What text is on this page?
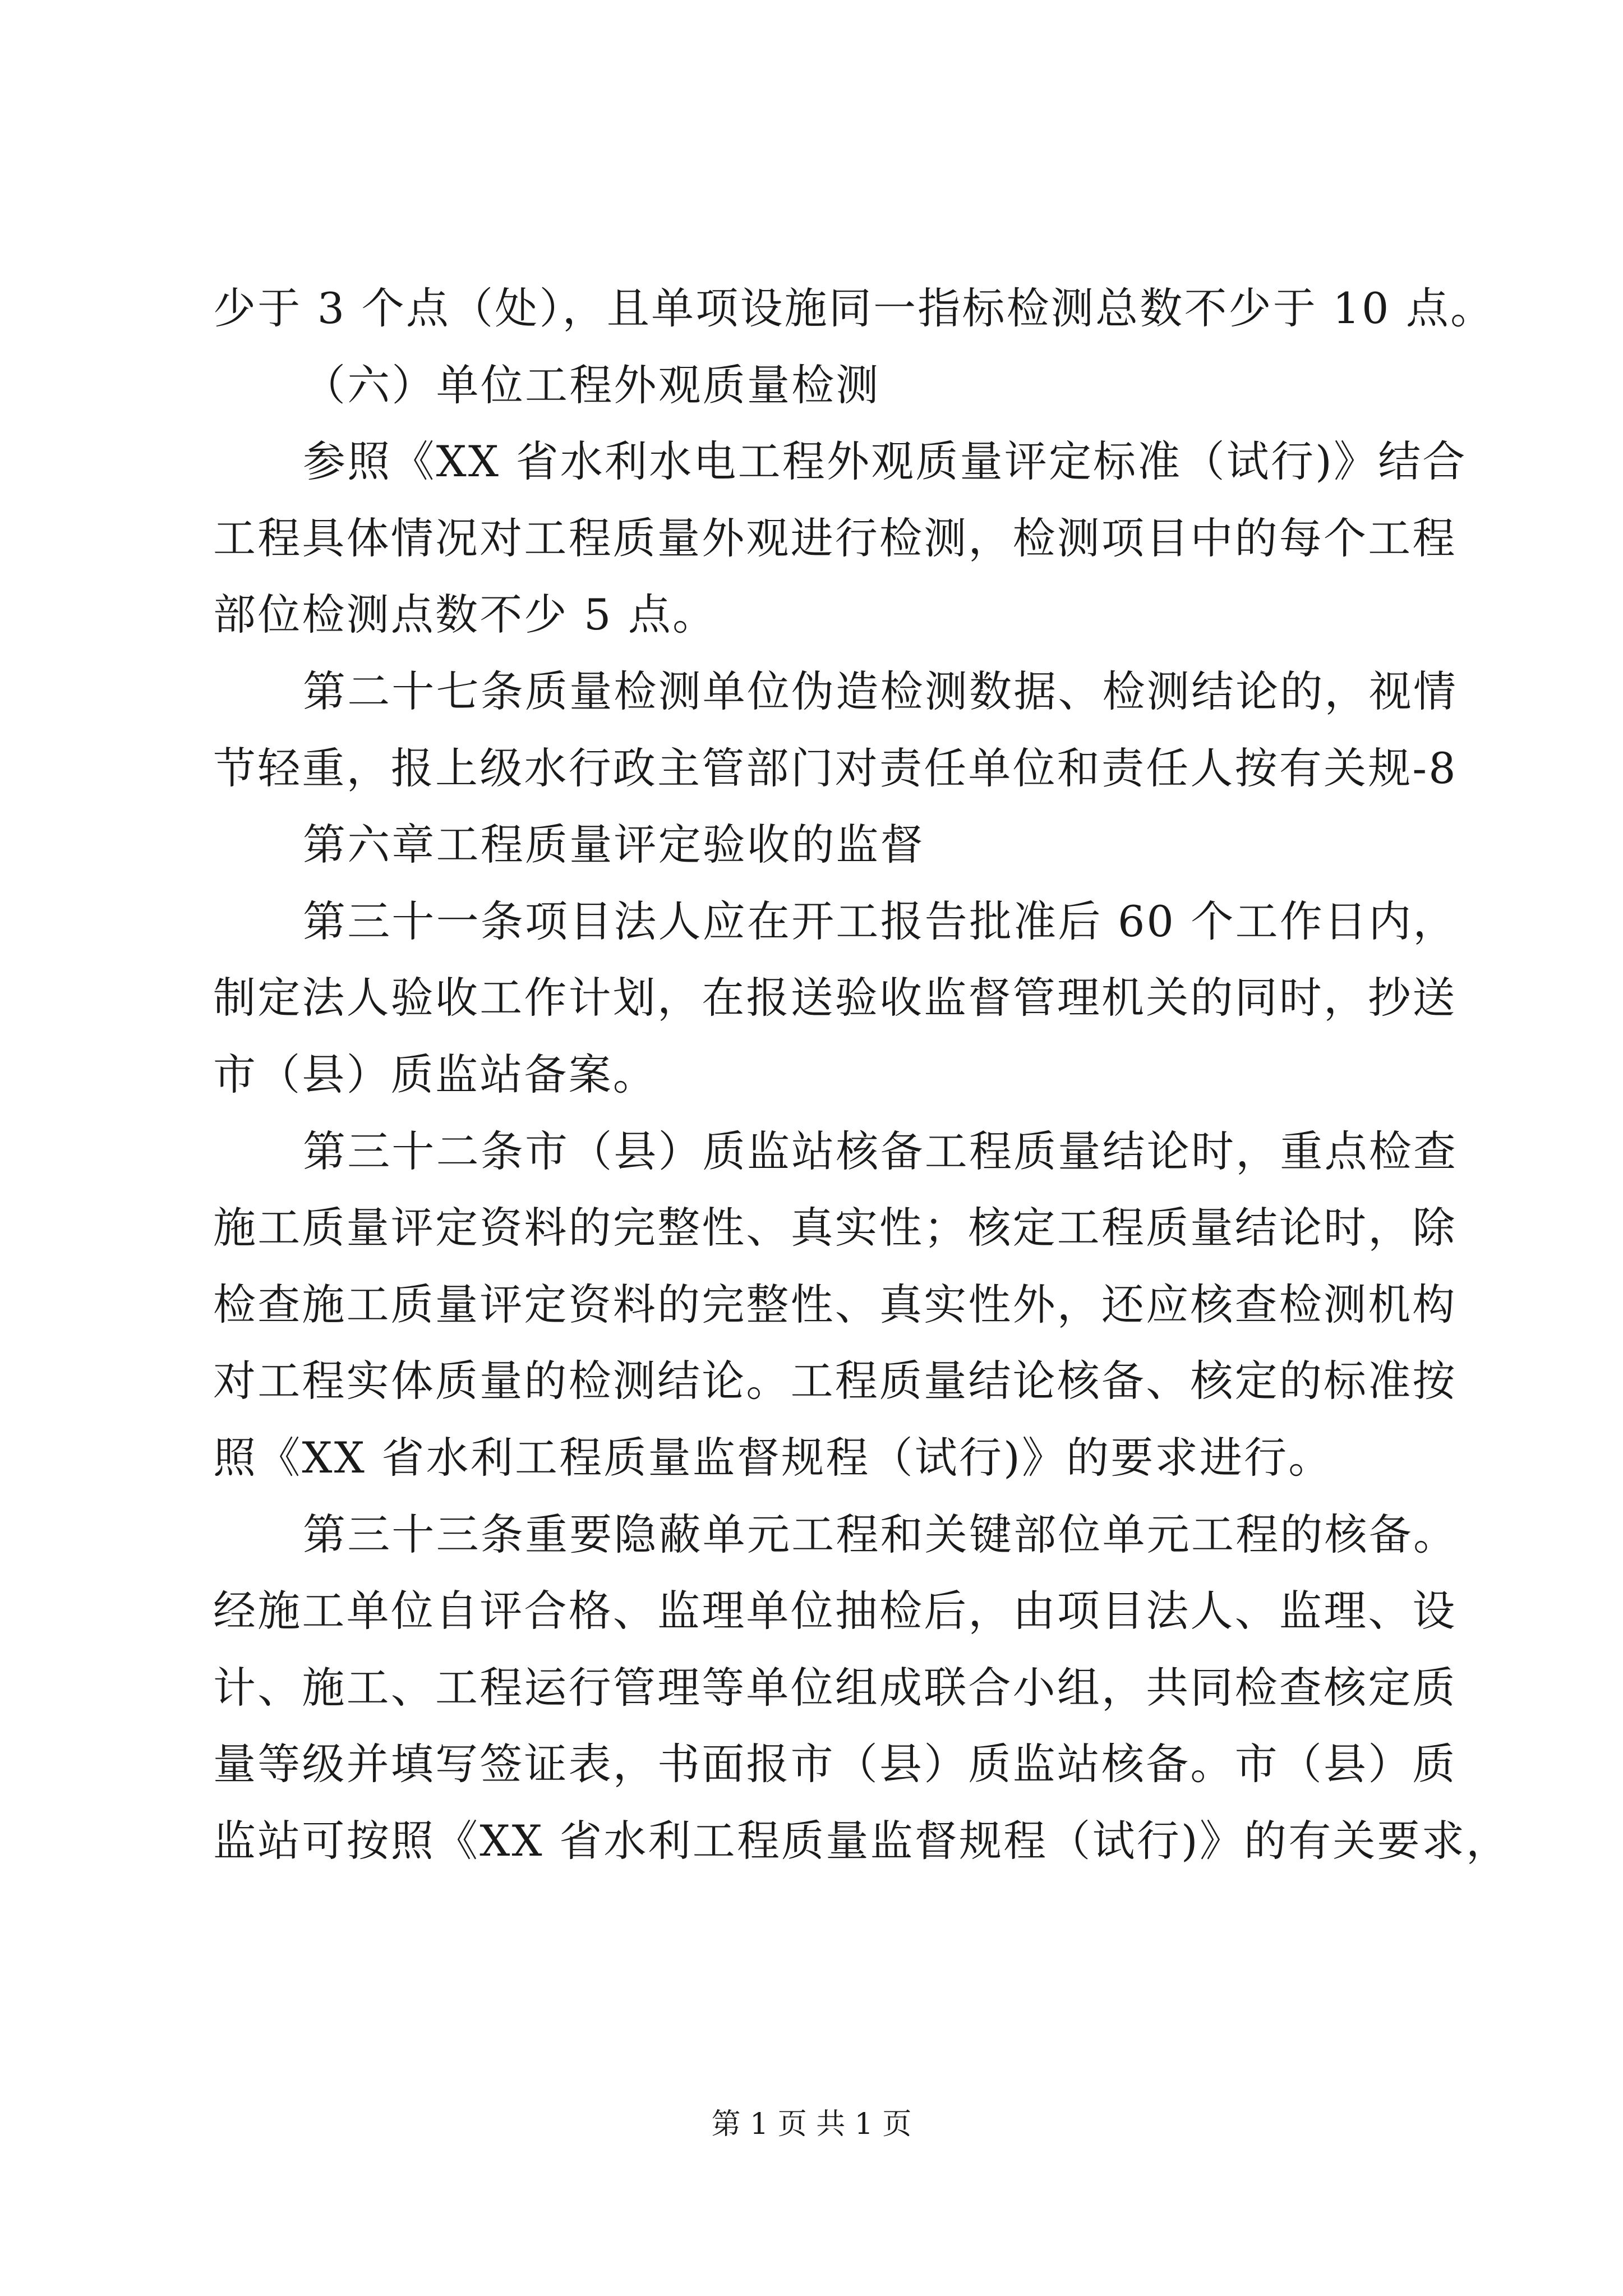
少于 3 个点（处），且单项设施同一指标检测总数不少于 10 点。
（六）单位工程外观质量检测
参照《XX 省水利水电工程外观质量评定标准（试行)》结合
工程具体情况对工程质量外观进行检测，检测项目中的每个工程
部位检测点数不少 5 点。
第二十七条质量检测单位伪造检测数据、检测结论的，视情
节轻重，报上级水行政主管部门对责任单位和责任人按有关规-8
第六章工程质量评定验收的监督
第三十一条项目法人应在开工报告批准后 60 个工作日内，
制定法人验收工作计划，在报送验收监督管理机关的同时，抄送
市（县）质监站备案。
第三十二条市（县）质监站核备工程质量结论时，重点检查
施工质量评定资料的完整性、真实性；核定工程质量结论时，除
检查施工质量评定资料的完整性、真实性外，还应核查检测机构
对工程实体质量的检测结论。工程质量结论核备、核定的标准按
照《XX 省水利工程质量监督规程（试行)》的要求进行。
第三十三条重要隐蔽单元工程和关键部位单元工程的核备。
经施工单位自评合格、监理单位抽检后，由项目法人、监理、设
计、施工、工程运行管理等单位组成联合小组，共同检查核定质
量等级并填写签证表，书面报市（县）质监站核备。市（县）质
监站可按照《XX 省水利工程质量监督规程（试行)》的有关要求，
第 1 页 共 1 页
